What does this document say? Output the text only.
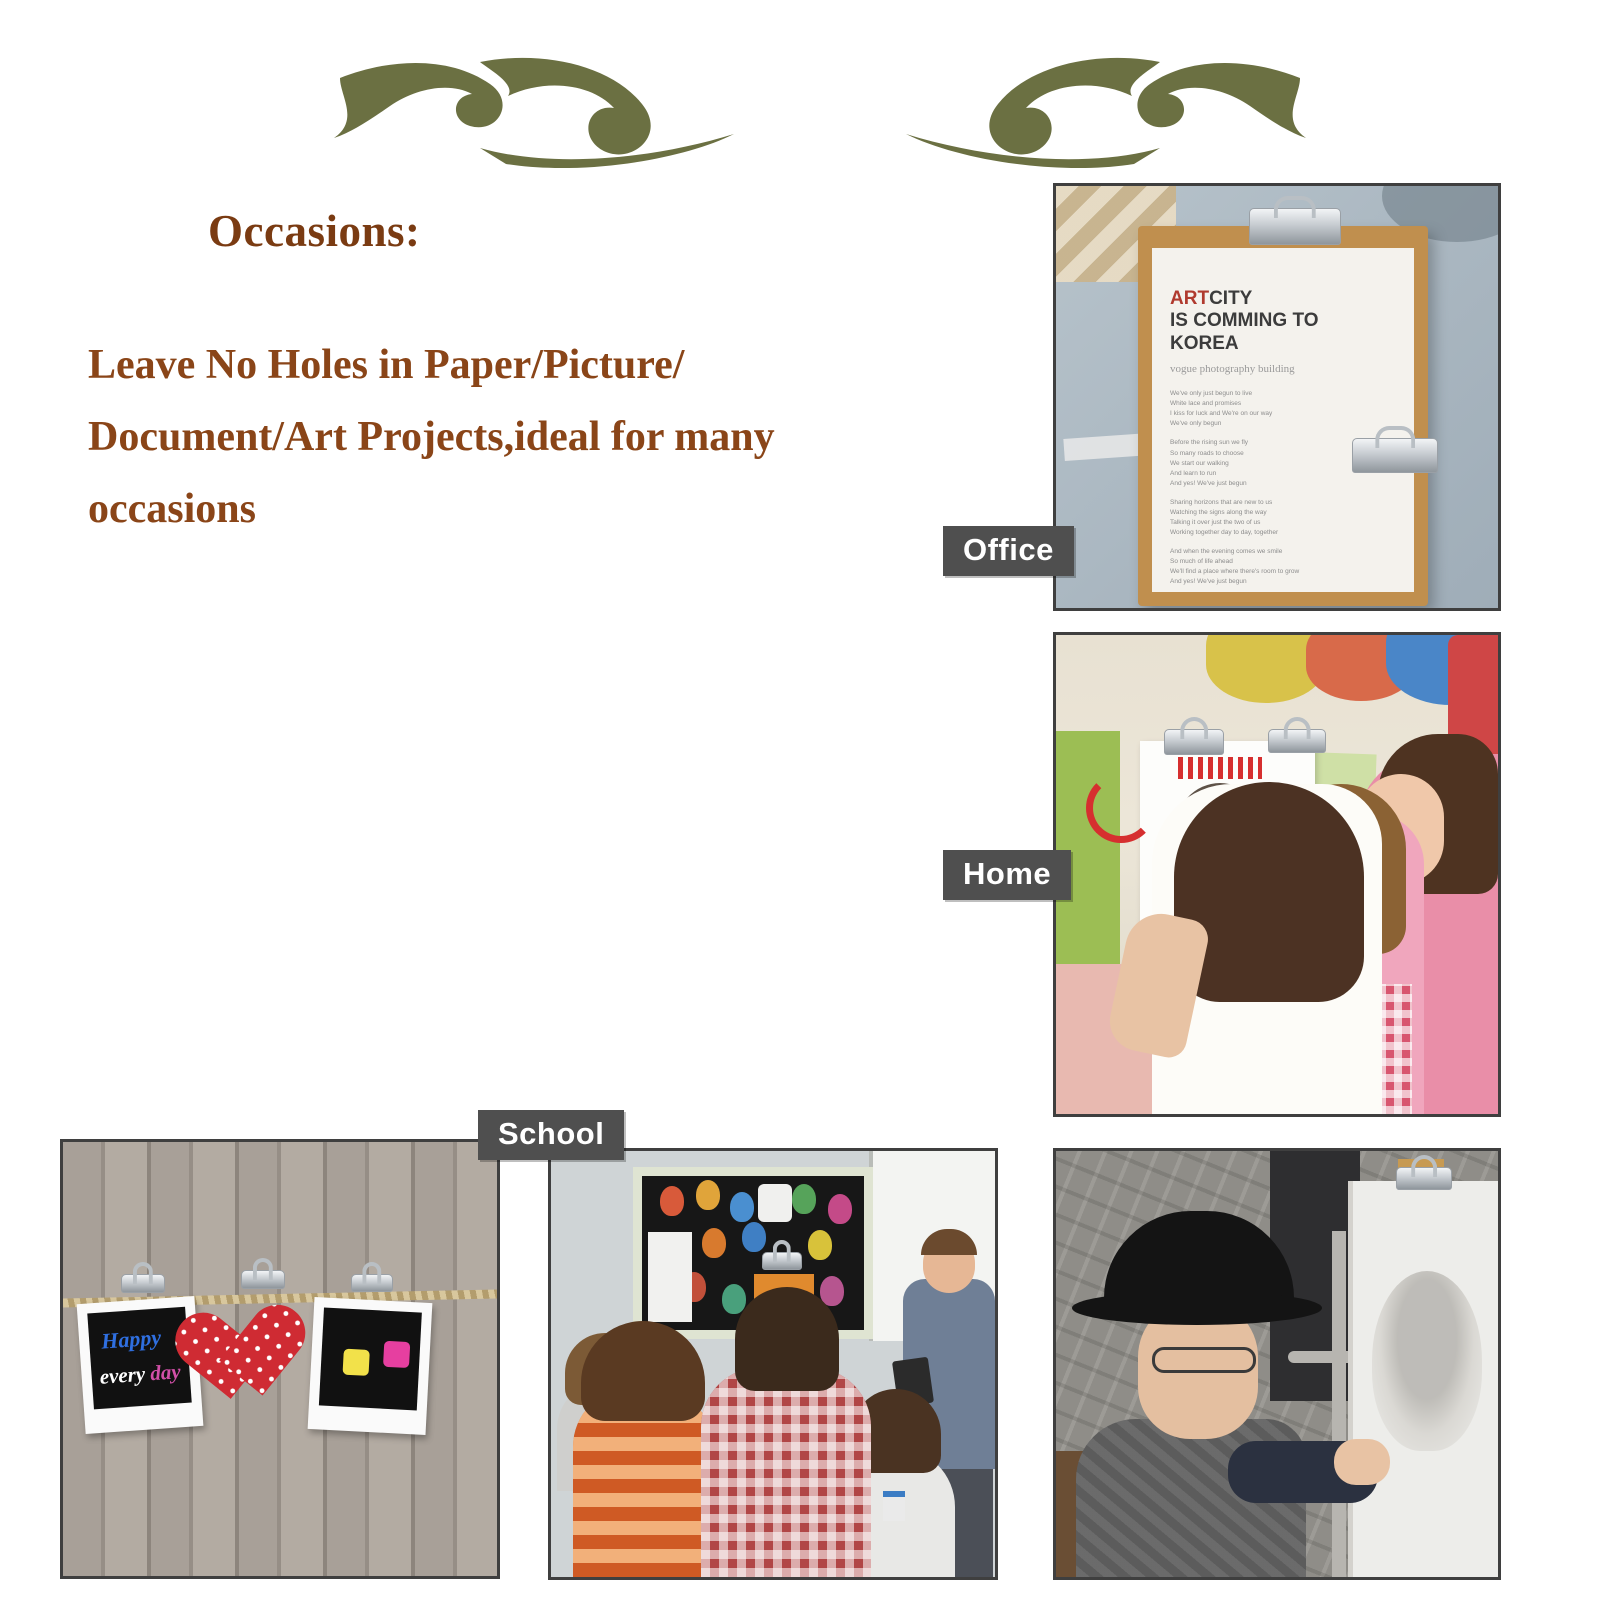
Occasions:
Leave No Holes in Paper/Picture/
Document/Art Projects,ideal for many
occasions
ARTCITY
IS COMMING TO
KOREA
vogue photography building

We've only just begun to live

White lace and promises

I kiss for luck and We're on our way

We've only begun

Before the rising sun we fly

So many roads to choose

We start our walking

And learn to run

And yes! We've just begun

Sharing horizons that are new to us

Watching the signs along the way

Talking it over just the two of us

Working together day to day, together

And when the evening comes we smile

So much of life ahead

We'll find a place where there's room to grow

And yes! We've just begun

Office
Home
Happy
every day
School
